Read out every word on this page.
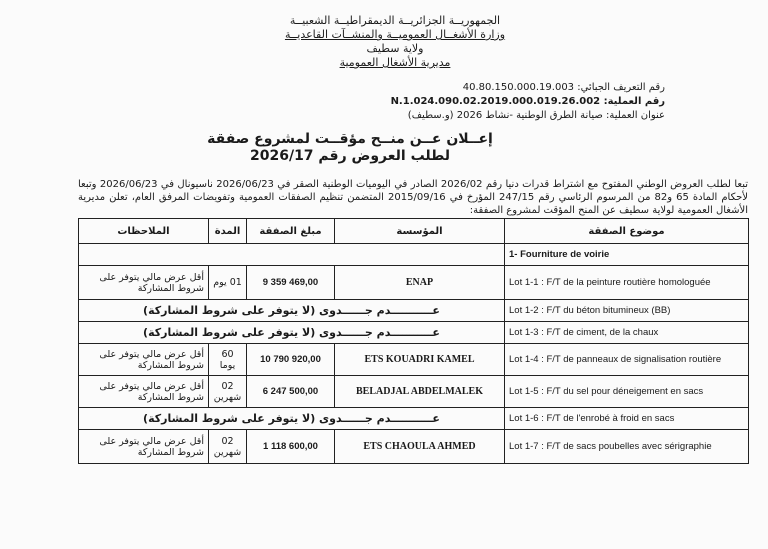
الجمهوريــة الجزائريــة الديمقراطيــة الشعبيــة
وزارة الأشغــال العموميــة والمنشــآت القاعديــة
ولاية سطيف
مديرية الأشغال العمومية
رقم التعريف الجبائي: 40.80.150.000.19.003
رقم العملية: N.1.024.090.02.2019.000.019.26.002
عنوان العملية: صيانة الطرق الوطنية -نشاط 2026 (و.سطيف)
إعــلان عــن منــح مؤقــت لمشروع صفقة
لطلب العروض رقم 2026/17
تبعا لطلب العروض الوطني المفتوح مع اشتراط قدرات دنيا رقم 2026/02 الصادر في اليوميات الوطنية الصقر في 2026/06/23 ناسيونال في 2026/06/23 وتبعا لأحكام المادة 65 و82 من المرسوم الرئاسي رقم 247/15 المؤرخ في 2015/09/16 المتضمن تنظيم الصفقات العمومية وتفويضات المرفق العام، تعلن مديرية الأشغال العمومية لولاية سطيف عن المنح المؤقت لمشروع الصفقة:
الملاحظات	المدة	مبلغ الصفقة	المؤسسة	موضوع الصفقة
				1- Fourniture de voirie
أقل عرض مالي يتوفر على شروط المشاركة	01 يوم	9 359 469,00	ENAP	Lot 1-1 : F/T de la peinture routière homologuée
عـــــــــــدم جــــــدوى (لا يتوفر على شروط المشاركة)				Lot 1-2 : F/T du béton bitumineux (BB)
عـــــــــــدم جــــــدوى (لا يتوفر على شروط المشاركة)				Lot 1-3 : F/T de ciment, de la chaux
أقل عرض مالي يتوفر على شروط المشاركة	60 يوما	10 790 920,00	ETS KOUADRI KAMEL	Lot 1-4 : F/T de panneaux de signalisation routière
أقل عرض مالي يتوفر على شروط المشاركة	02 شهرين	6 247 500,00	BELADJAL ABDELMALEK	Lot 1-5 : F/T du sel pour déneigement en sacs
عـــــــــــدم جــــــدوى (لا يتوفر على شروط المشاركة)				Lot 1-6 : F/T de l'enrobé à froid en sacs
أقل عرض مالي يتوفر على شروط المشاركة	02 شهرين	1 118 600,00	ETS CHAOULA AHMED	Lot 1-7 : F/T de sacs poubelles avec sérigraphie
